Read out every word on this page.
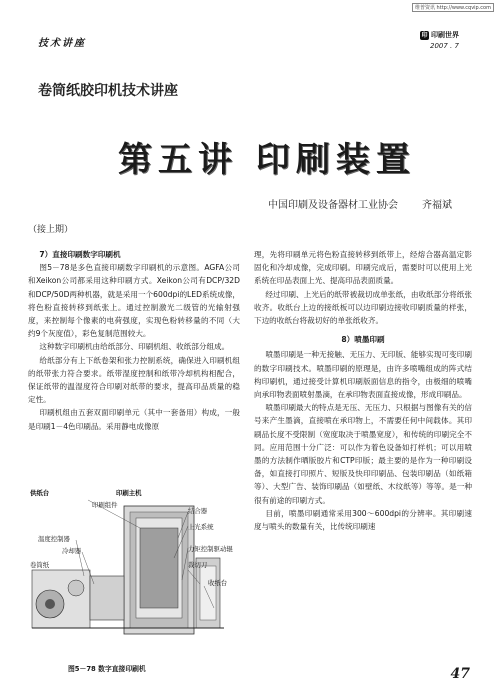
维普资讯 http://www.cqvip.com
技术讲座
印 印刷世界
2007 . 7
卷筒纸胶印机技术讲座
第五讲 印刷装置
中国印刷及设备器材工业协会 齐福斌
（接上期）

7）直接印刷数字印刷机

图5－78是多色直接印刷数字印刷机的示意图。AGFA公司和Xeikon公司都采用这种印刷方式。Xeikon公司有DCP/32D和DCP/50D两种机器，就是采用一个600dpi的LED系统成像，将色粉直接转移到纸张上。通过控制激光二级管的光输射强度，来控制每个像素的电荷强度，实现色粉转移量的不同（大约9个灰度值），彩色复制范围较大。

这种数字印刷机由给纸部分、印刷机组、收纸部分组成。

给纸部分有上下纸卷架和张力控制系统，确保进入印刷机组的纸带张力符合要求。纸带湿度控制和纸带冷却机构相配合，保证纸带的温湿度符合印刷对纸带的要求，提高印品质量的稳定性。

印刷机组由五套双面印刷单元（其中一套备用）构成，一般是印刷1－4色印刷品。采用静电成像原

供纸台	印刷主机
印刷组件
结合器
上光系统
温度控制器
冷却器	力矩控制驱动辊
卷筒纸	裁切刀
收纸台
图5－78 数字直接印刷机

理，先将印刷单元将色粉直接转移到纸带上，经熔合器高温定影固化和冷却成像，完成印刷。印刷完成后，需要时可以使用上光系统在印品表面上光、提高印品表面质量。

经过印刷、上光后的纸带被裁切成单张纸，由收纸部分将纸张收齐。收纸台上边的接纸板可以边印刷边接收印刷质量的样张，下边的收纸台将裁切好的单张纸收齐。

8）喷墨印刷

喷墨印刷是一种无接触、无压力、无印版、能够实现可变印刷的数字印刷技术。喷墨印刷的原理是，由许多喷嘴组成的阵式结构印刷机，通过接受计算机印刷版面信息的指令，由极细的喷嘴向承印物表面喷射墨滴，在承印物表面直接成像，形成印刷品。

喷墨印刷最大的特点是无压、无压力、只根据与图像有关的信号来产生墨滴，直接喷在承印物上，不需要任何中间载体。其印刷品长度不受限制（宽度取决于喷墨宽度），和传统的印刷完全不同。应用范围十分广泛：可以作为着色设备如打样机；可以用喷墨的方法制作晒版胶片和CTP印版；最主要的是作为一种印刷设备，如直接打印照片、短版及快印印刷品、包装印刷品（如纸箱等）、大型广告、装饰印刷品（如壁纸、木纹纸等）等等。是一种很有前途的印刷方式。

目前，喷墨印刷通常采用300～600dpi的分辨率。其印刷速度与喷头的数量有关，比传统印刷速

47
